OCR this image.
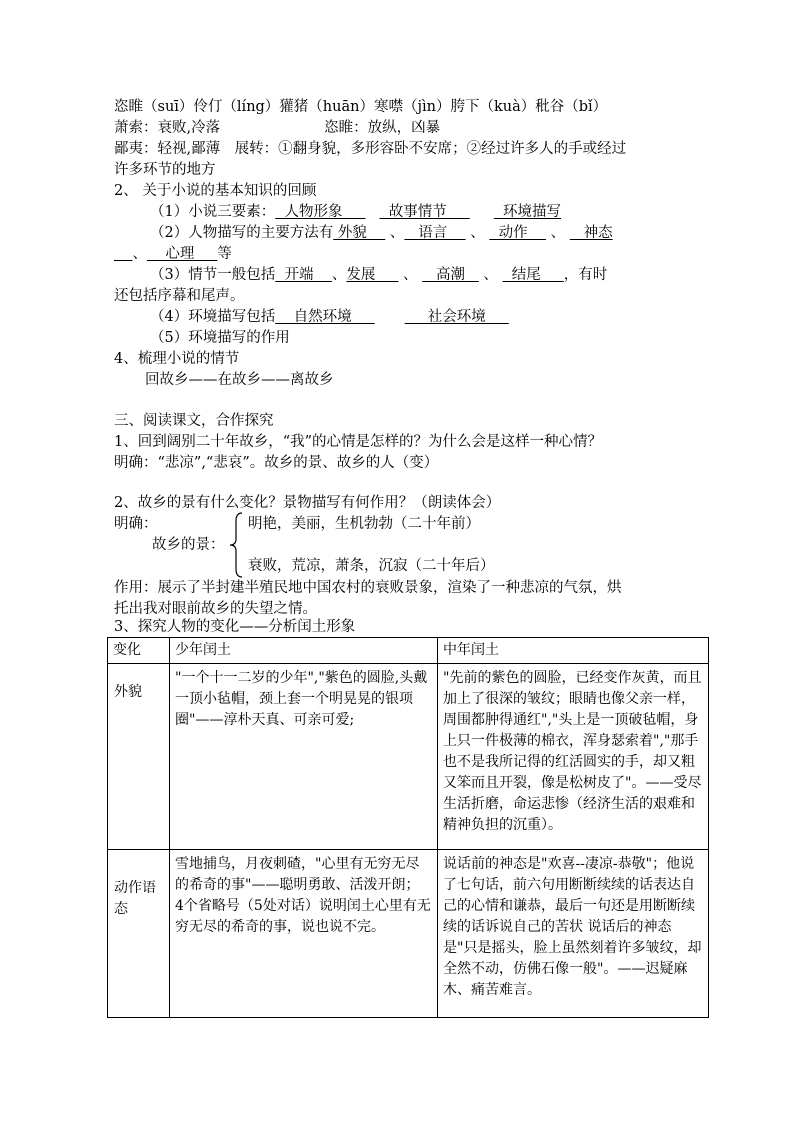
恣睢（suī）伶仃（líng）獾猪（huān）寒噤（jìn）胯下（kuà）秕谷（bǐ）
萧索：衰败,冷落	恣睢：放纵，凶暴
鄙夷：轻视,鄙薄　展转：①翻身貌，多形容卧不安席；②经过许多人的手或经过
许多环节的地方
2、 关于小说的基本知识的回顾
（1）小说三要素：  人物形象       故事情节       环境描写
（2）人物描写的主要方法有 外貌     、   语言     、   动作     、    神态
、    心理     等
（3）情节一般包括  开端    、发展      、    高潮    、   结尾     ，有时
还包括序幕和尾声。
（4）环境描写包括    自然环境          社会环境
（5）环境描写的作用
4、梳理小说的情节
回故乡——在故乡——离故乡
三、阅读课文，合作探究
1、回到阔别二十年故乡，“我”的心情是怎样的？为什么会是这样一种心情？
明确：“悲凉”,“悲哀”。故乡的景、故乡的人（变）
2、故乡的景有什么变化？景物描写有何作用？（朗读体会）
明确：	明艳，美丽，生机勃勃（二十年前）
故乡的景：
衰败，荒凉，萧条，沉寂（二十年后）
作用：展示了半封建半殖民地中国农村的衰败景象，渲染了一种悲凉的气氛，烘
托出我对眼前故乡的失望之情。
3、探究人物的变化——分析闰土形象
变化	少年闰土	中年闰土
外貌	"一个十一二岁的少年","紫色的圆脸,头戴一顶小毡帽，颈上套一个明晃晃的银项圈"——淳朴天真、可亲可爱;	"先前的紫色的圆脸，已经变作灰黄，而且加上了很深的皱纹；眼睛也像父亲一样，周围都肿得通红","头上是一顶破毡帽，身上只一件极薄的棉衣，浑身瑟索着","那手也不是我所记得的红活圆实的手，却又粗又笨而且开裂，像是松树皮了"。——受尽生活折磨，命运悲惨（经济生活的艰难和精神负担的沉重）。

动作语态	雪地捕鸟，月夜刺碴，"心里有无穷无尽的希奇的事"——聪明勇敢、活泼开朗；
4个省略号（5处对话）说明闰土心里有无穷无尽的希奇的事，说也说不完。	说话前的神态是"欢喜--凄凉-恭敬"；他说了七句话，前六句用断断续续的话表达自己的心情和谦恭，最后一句还是用断断续续的话诉说自己的苦状 说话后的神态是"只是摇头，脸上虽然刻着许多皱纹，却全然不动，仿佛石像一般"。——迟疑麻木、痛苦难言。
